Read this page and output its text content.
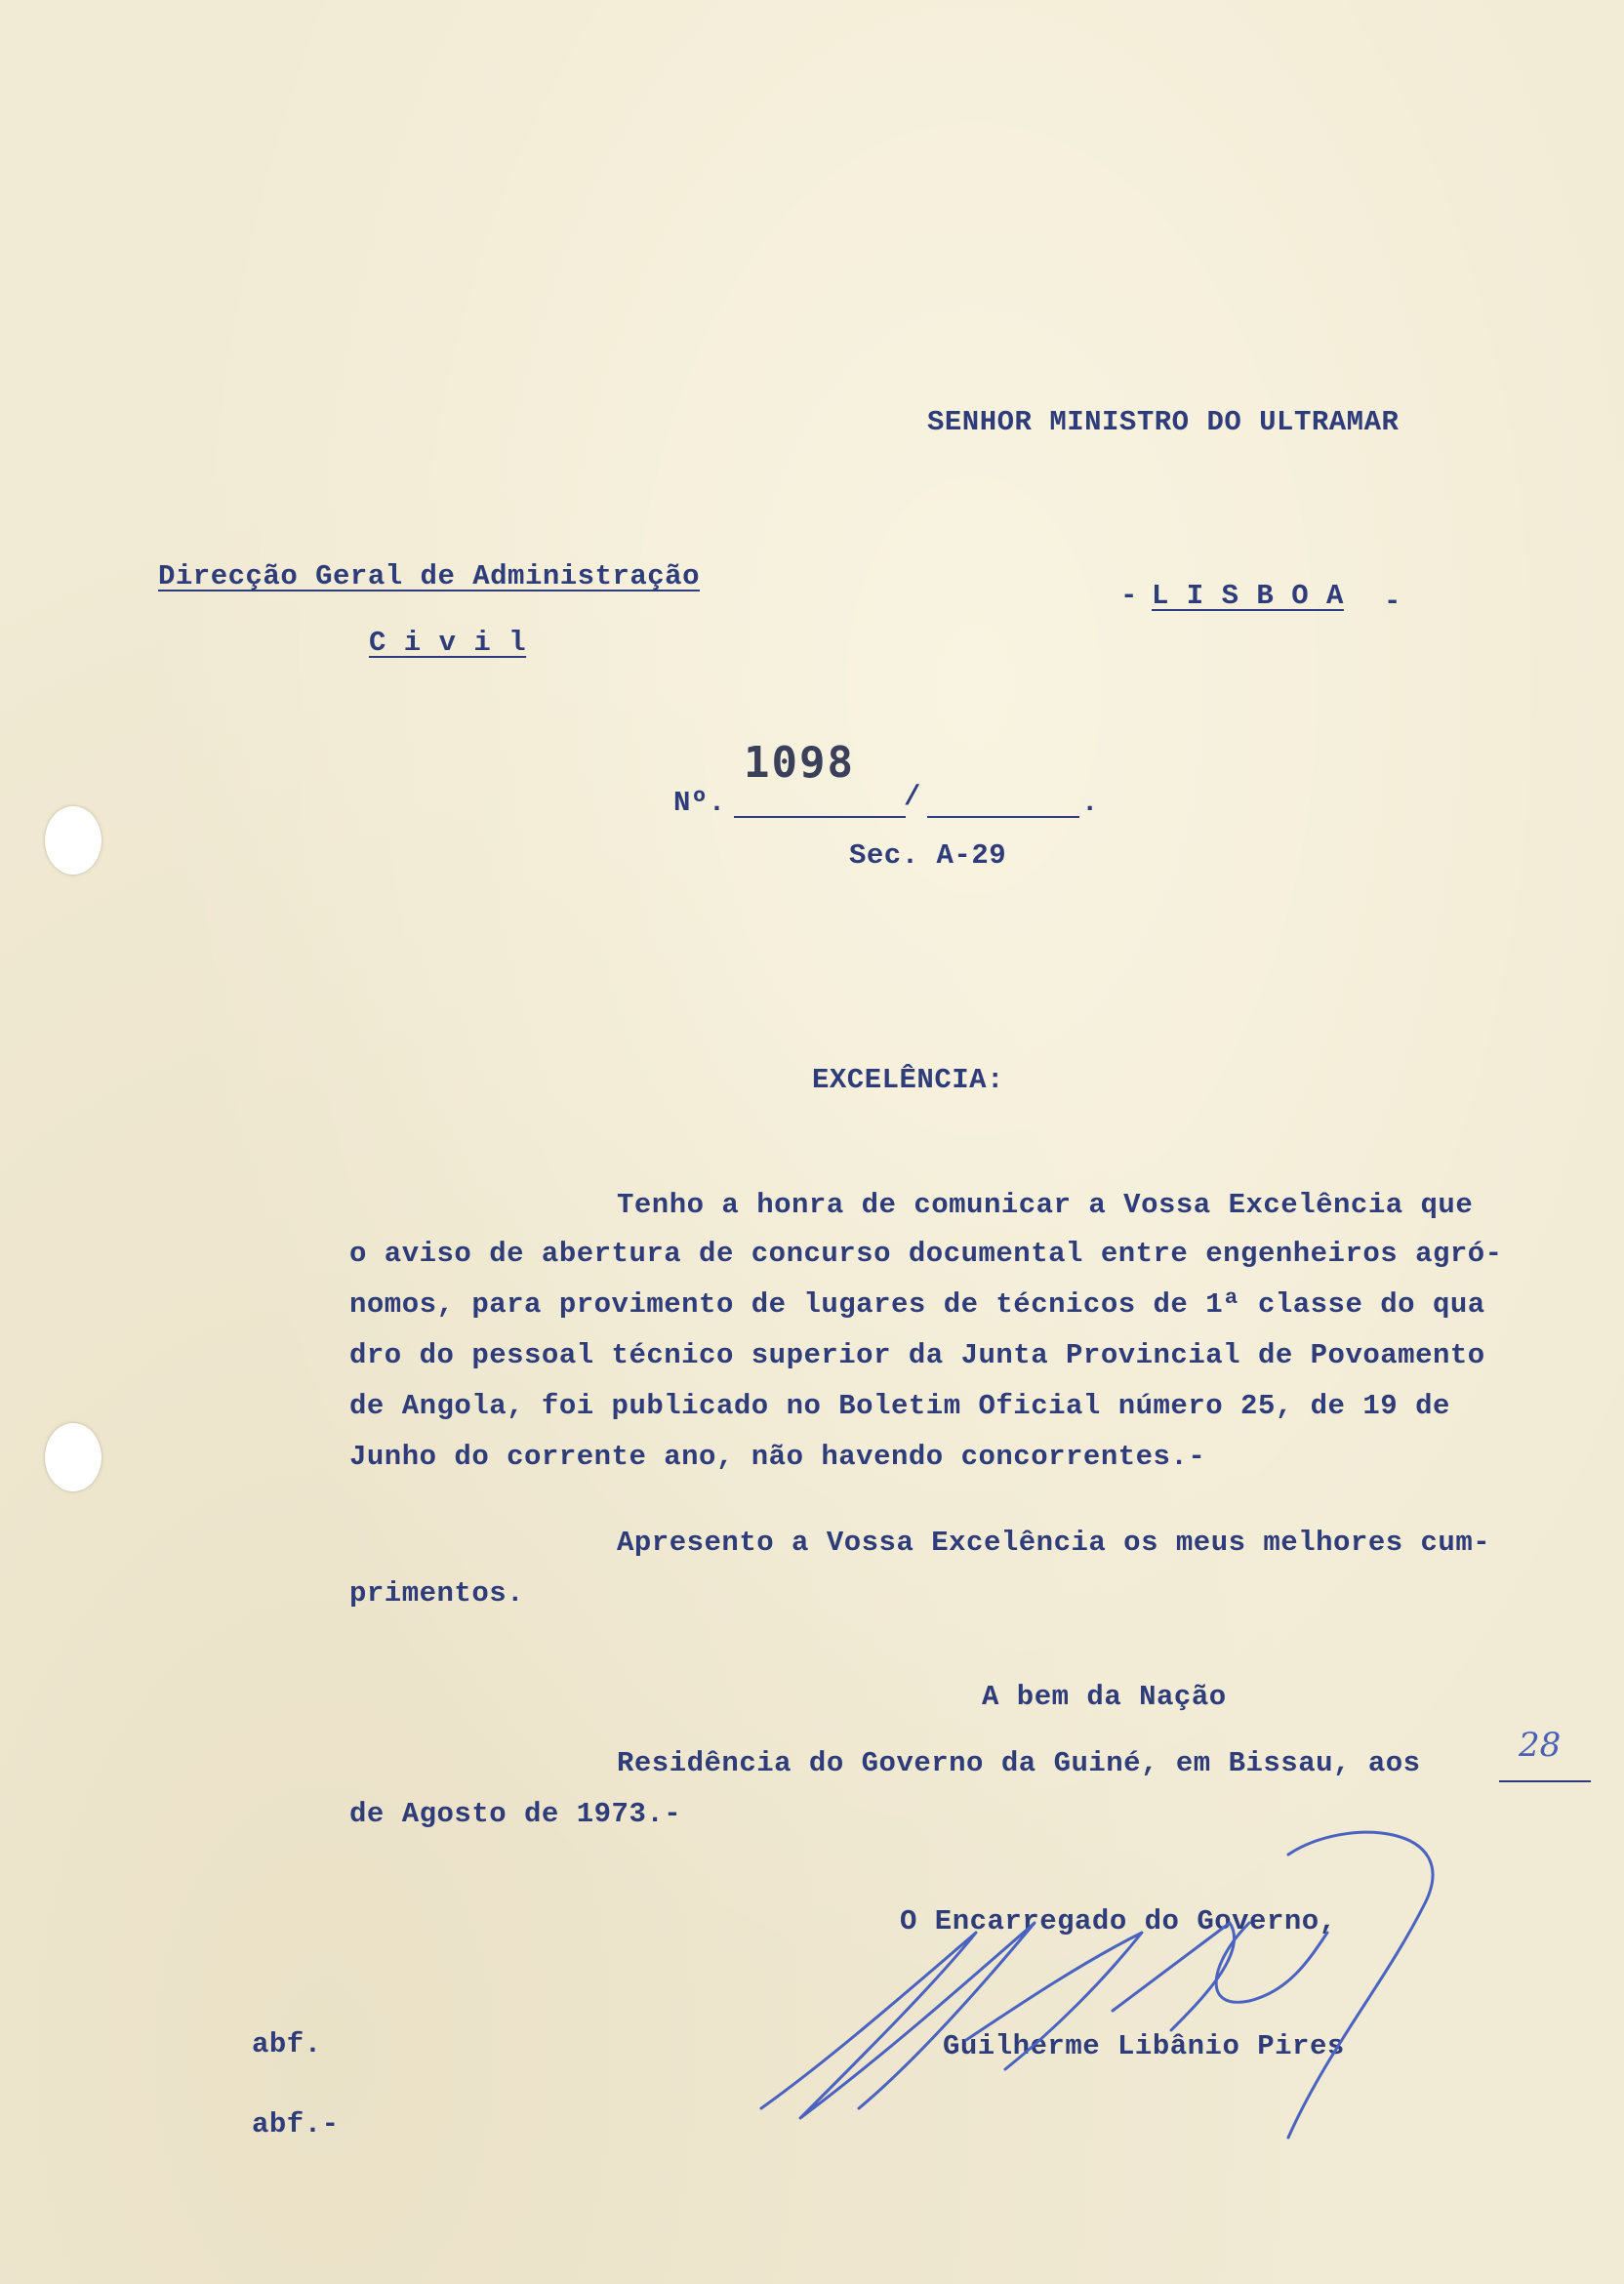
SENHOR MINISTRO DO ULTRAMAR
Direcção Geral de Administração
C i v i l
- L I S B O A -
Nº.
1098
/	.
Sec. A-29
EXCELÊNCIA:
Tenho a honra de comunicar a Vossa Excelência que
o aviso de abertura de concurso documental entre engenheiros agró-
nomos, para provimento de lugares de técnicos de 1ª classe do qua
dro do pessoal técnico superior da Junta Provincial de Povoamento
de Angola, foi publicado no Boletim Oficial número 25, de 19 de
Junho do corrente ano, não havendo concorrentes.-
Apresento a Vossa Excelência os meus melhores cum-
primentos.
A bem da Nação
Residência do Governo da Guiné, em Bissau, aos	28
de Agosto de 1973.-
O Encarregado do Governo,
Guilherme Libânio Pires
abf.
abf.-
